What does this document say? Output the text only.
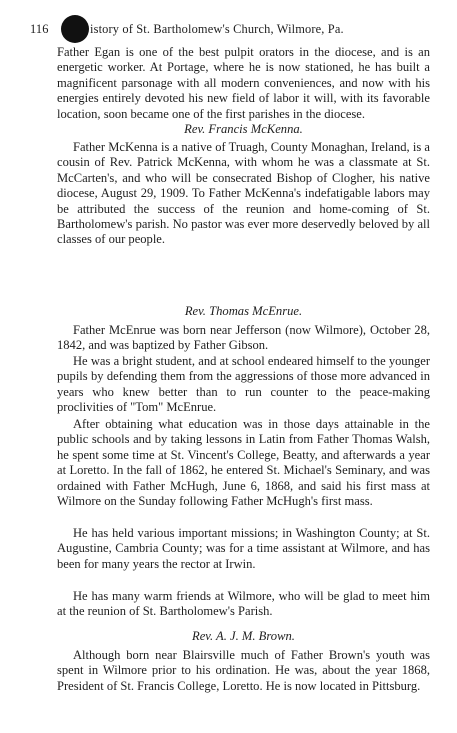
116	istory of St. Bartholomew's Church, Wilmore, Pa.

Father Egan is one of the best pulpit orators in the diocese, and is an energetic worker. At Portage, where he is now stationed, he has built a magnificent parsonage with all modern conveniences, and now with his energies entirely devoted his new field of labor it will, with its favorable location, soon became one of the first parishes in the diocese.

Rev. Francis McKenna.

Father McKenna is a native of Truagh, County Monaghan, Ireland, is a cousin of Rev. Patrick McKenna, with whom he was a classmate at St. McCarten's, and who will be consecrated Bishop of Clogher, his native diocese, August 29, 1909. To Father McKenna's indefatigable labors may be attributed the success of the reunion and home-coming of St. Bartholomew's parish. No pastor was ever more deservedly beloved by all classes of our people.

Rev. Thomas McEnrue.

Father McEnrue was born near Jefferson (now Wilmore), October 28, 1842, and was baptized by Father Gibson.

He was a bright student, and at school endeared himself to the younger pupils by defending them from the aggressions of those more advanced in years who knew better than to run counter to the peace-making proclivities of "Tom" McEnrue.

After obtaining what education was in those days attainable in the public schools and by taking lessons in Latin from Father Thomas Walsh, he spent some time at St. Vincent's College, Beatty, and afterwards a year at Loretto. In the fall of 1862, he entered St. Michael's Seminary, and was ordained with Father McHugh, June 6, 1868, and said his first mass at Wilmore on the Sunday following Father McHugh's first mass.

He has held various important missions; in Washington County; at St. Augustine, Cambria County; was for a time assistant at Wilmore, and has been for many years the rector at Irwin.

He has many warm friends at Wilmore, who will be glad to meet him at the reunion of St. Bartholomew's Parish.

Rev. A. J. M. Brown.

Although born near Blairsville much of Father Brown's youth was spent in Wilmore prior to his ordination. He was, about the year 1868, President of St. Francis College, Loretto. He is now located in Pittsburg.
